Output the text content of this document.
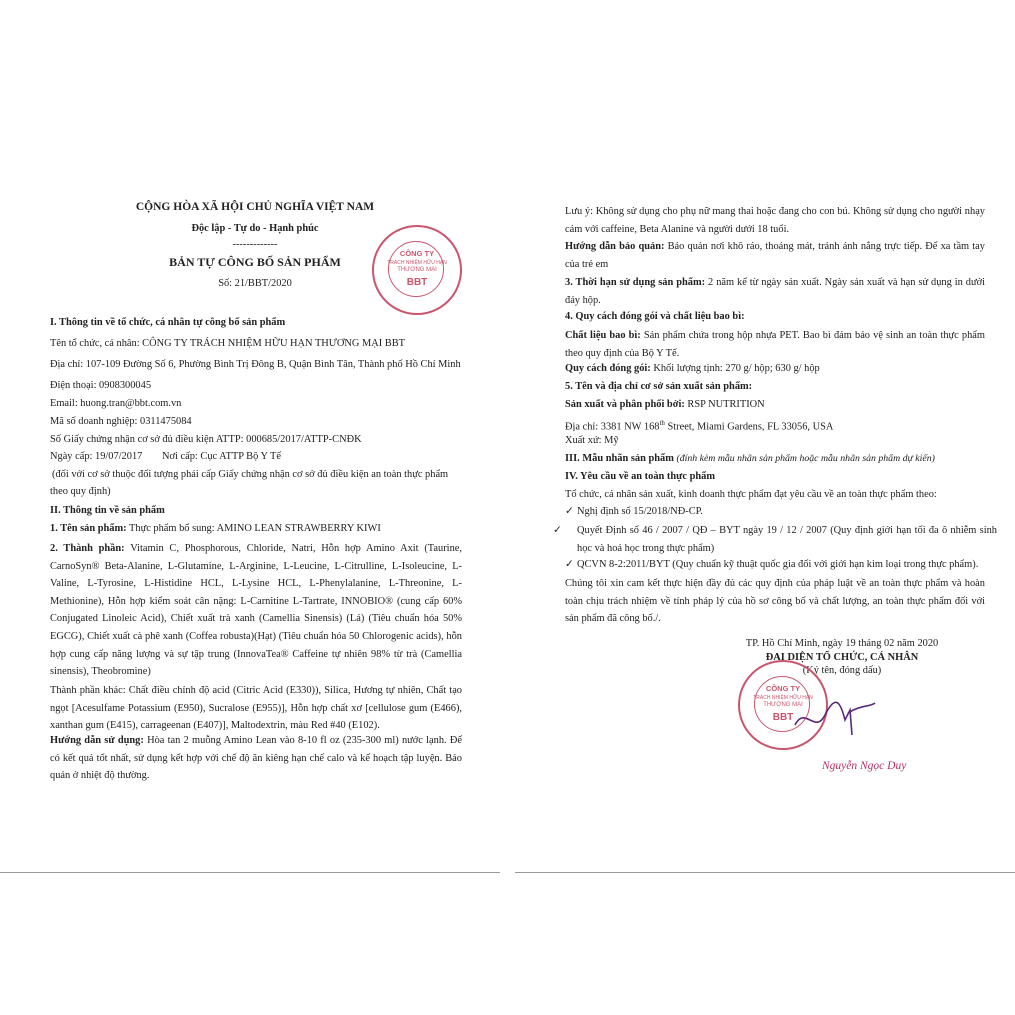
CỘNG HÒA XÃ HỘI CHỦ NGHĨA VIỆT NAM
Độc lập - Tự do - Hạnh phúc
-------------
BẢN TỰ CÔNG BỐ SẢN PHẨM
Số: 21/BBT/2020
CÔNG TY
TRÁCH NHIỆM HỮU HẠN
THƯƠNG MẠI
BBT
I. Thông tin về tổ chức, cá nhân tự công bố sản phẩm
Tên tổ chức, cá nhân: CÔNG TY TRÁCH NHIỆM HỮU HẠN THƯƠNG MẠI BBT
Địa chỉ: 107-109 Đường Số 6, Phường Bình Trị Đông B, Quận Bình Tân, Thành phố Hồ Chí Minh
Điện thoại: 0908300045
Email: huong.tran@bbt.com.vn
Mã số doanh nghiệp: 0311475084
Số Giấy chứng nhận cơ sở đủ điều kiện ATTP: 000685/2017/ATTP-CNĐK
Ngày cấp: 19/07/2017 Nơi cấp: Cục ATTP Bộ Y Tế
(đối với cơ sở thuộc đối tượng phải cấp Giấy chứng nhận cơ sở đủ điều kiện an toàn thực phẩm
theo quy định)
II. Thông tin về sản phẩm
1. Tên sản phẩm: Thực phẩm bổ sung: AMINO LEAN STRAWBERRY KIWI
2. Thành phần: Vitamin C, Phosphorous, Chloride, Natri, Hỗn hợp Amino Axit (Taurine, CarnoSyn® Beta-Alanine, L-Glutamine, L-Arginine, L-Leucine, L-Citrulline, L-Isoleucine, L-Valine, L-Tyrosine, L-Histidine HCL, L-Lysine HCL, L-Phenylalanine, L-Threonine, L-Methionine), Hỗn hợp kiểm soát cân nặng: L-Carnitine L-Tartrate, INNOBIO® (cung cấp 60% Conjugated Linoleic Acid), Chiết xuất trà xanh (Camellia Sinensis) (Lá) (Tiêu chuẩn hóa 50% EGCG), Chiết xuất cà phê xanh (Coffea robusta)(Hạt) (Tiêu chuẩn hóa 50 Chlorogenic acids), hỗn hợp cung cấp năng lượng và sự tập trung (InnovaTea® Caffeine tự nhiên 98% từ trà (Camellia sinensis), Theobromine)
Thành phần khác: Chất điều chỉnh độ acid (Citric Acid (E330)), Silica, Hương tự nhiên, Chất tạo ngọt [Acesulfame Potassium (E950), Sucralose (E955)], Hỗn hợp chất xơ [cellulose gum (E466), xanthan gum (E415), carrageenan (E407)], Maltodextrin, màu Red #40 (E102).
Hướng dẫn sử dụng: Hòa tan 2 muỗng Amino Lean vào 8-10 fl oz (235-300 ml) nước lạnh. Để có kết quả tốt nhất, sử dụng kết hợp với chế độ ăn kiêng hạn chế calo và kế hoạch tập luyện. Bảo quản ở nhiệt độ thường.
Lưu ý: Không sử dụng cho phụ nữ mang thai hoặc đang cho con bú. Không sử dụng cho người nhạy cảm với caffeine, Beta Alanine và người dưới 18 tuổi.
Hướng dẫn bảo quản: Bảo quản nơi khô ráo, thoáng mát, tránh ánh nắng trực tiếp. Để xa tầm tay của trẻ em
3. Thời hạn sử dụng sản phẩm: 2 năm kể từ ngày sản xuất. Ngày sản xuất và hạn sử dụng in dưới đáy hộp.
4. Quy cách đóng gói và chất liệu bao bì:
Chất liệu bao bì: Sản phẩm chứa trong hộp nhựa PET. Bao bì đảm bảo vệ sinh an toàn thực phẩm theo quy định của Bộ Y Tế.
Quy cách đóng gói: Khối lượng tịnh: 270 g/ hộp; 630 g/ hộp
5. Tên và địa chỉ cơ sở sản xuất sản phẩm:
Sản xuất và phân phối bởi: RSP NUTRITION
Địa chỉ: 3381 NW 168th Street, Miami Gardens, FL 33056, USA
Xuất xứ: Mỹ
III. Mẫu nhãn sản phẩm (đính kèm mẫu nhãn sản phẩm hoặc mẫu nhãn sản phẩm dự kiến)
IV. Yêu cầu về an toàn thực phẩm
Tổ chức, cá nhân sản xuất, kinh doanh thực phẩm đạt yêu cầu về an toàn thực phẩm theo:
✓ Nghị định số 15/2018/NĐ-CP.
✓ Quyết Định số 46 / 2007 / QĐ – BYT ngày 19 / 12 / 2007 (Quy định giới hạn tối đa ô nhiễm sinh học và hoá học trong thực phẩm)
✓ QCVN 8-2:2011/BYT (Quy chuẩn kỹ thuật quốc gia đối với giới hạn kim loại trong thực phẩm).
Chúng tôi xin cam kết thực hiện đầy đủ các quy định của pháp luật về an toàn thực phẩm và hoàn toàn chịu trách nhiệm về tính pháp lý của hồ sơ công bố và chất lượng, an toàn thực phẩm đối với sản phẩm đã công bố./.
TP. Hồ Chí Minh, ngày 19 tháng 02 năm 2020
ĐẠI DIỆN TỔ CHỨC, CÁ NHÂN
(Ký tên, đóng dấu)
CÔNG TY
TRÁCH NHIỆM HỮU HẠN
THƯƠNG MẠI
BBT
Nguyễn Ngọc Duy
